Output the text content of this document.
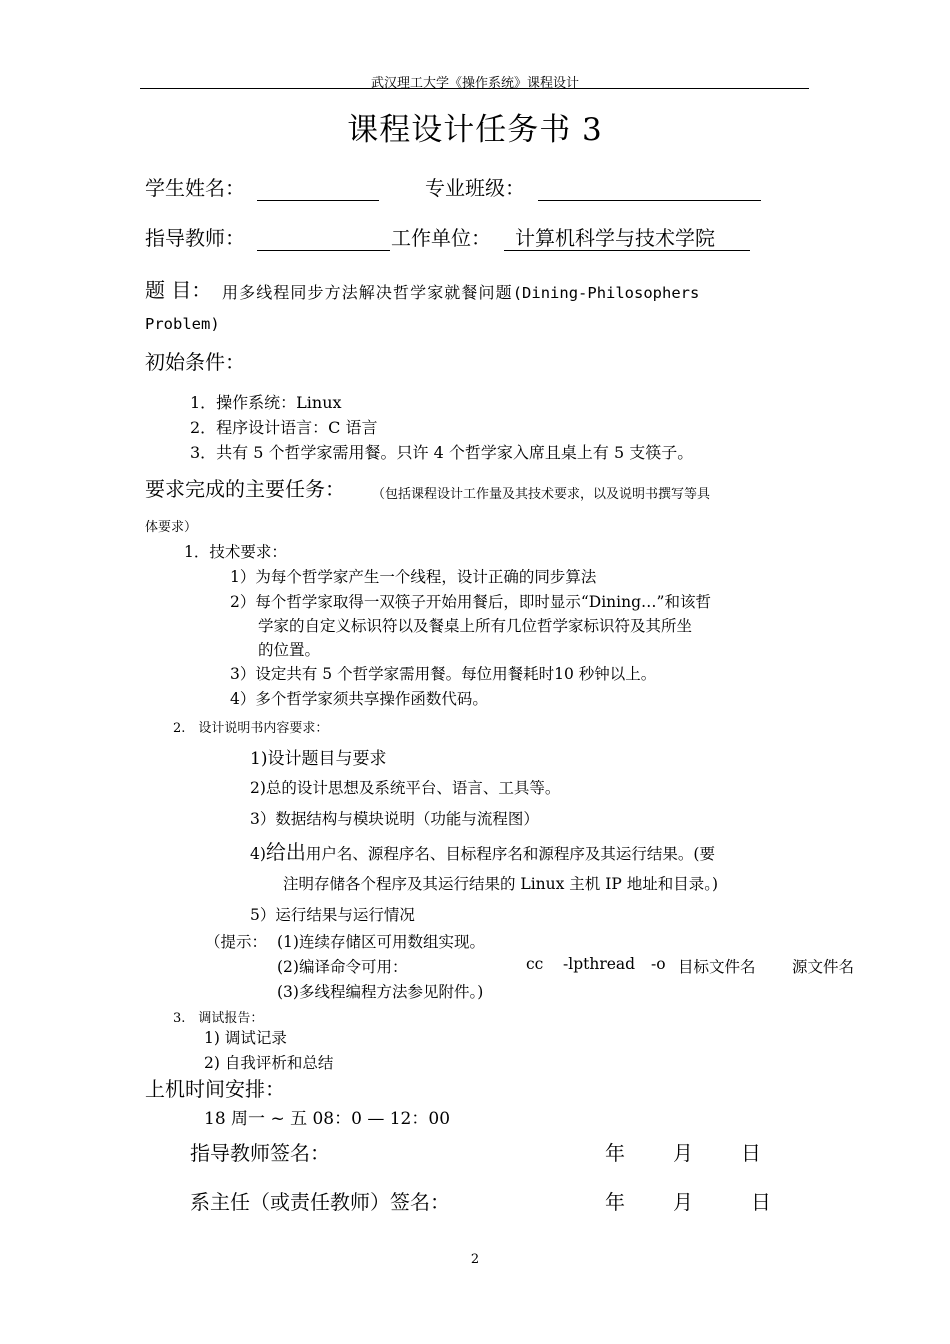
武汉理工大学《操作系统》课程设计
课程设计任务书 3
学生姓名：	专业班级：
指导教师：	工作单位： 计算机科学与技术学院
题 目： 用多线程同步方法解决哲学家就餐问题(Dining-Philosophers
Problem)
初始条件：
1．操作系统：Linux
2．程序设计语言：C 语言
3．共有 5 个哲学家需用餐。只许 4 个哲学家入席且桌上有 5 支筷子。
要求完成的主要任务： （包括课程设计工作量及其技术要求，以及说明书撰写等具
体要求）
1．技术要求：
1）为每个哲学家产生一个线程，设计正确的同步算法
2）每个哲学家取得一双筷子开始用餐后，即时显示“Dining…”和该哲
学家的自定义标识符以及餐桌上所有几位哲学家标识符及其所坐
的位置。
3）设定共有 5 个哲学家需用餐。每位用餐耗时10 秒钟以上。
4）多个哲学家须共享操作函数代码。
2.　设计说明书内容要求：
1)设计题目与要求
2)总的设计思想及系统平台、语言、工具等。
3）数据结构与模块说明（功能与流程图）
4)给出用户名、源程序名、目标程序名和源程序及其运行结果。(要
注明存储各个程序及其运行结果的 Linux 主机 IP 地址和目录。)
5）运行结果与运行情况
（提示： (1)连续存储区可用数组实现。
(2)编译命令可用：	cc -lpthread -o 目标文件名 源文件名
(3)多线程编程方法参见附件。)
3.　调试报告：
1) 调试记录
2) 自我评析和总结
上机时间安排：
18 周一 ~ 五 08：0 — 12：00
指导教师签名：	年 月 日
系主任（或责任教师）签名：	年 月	日
2
